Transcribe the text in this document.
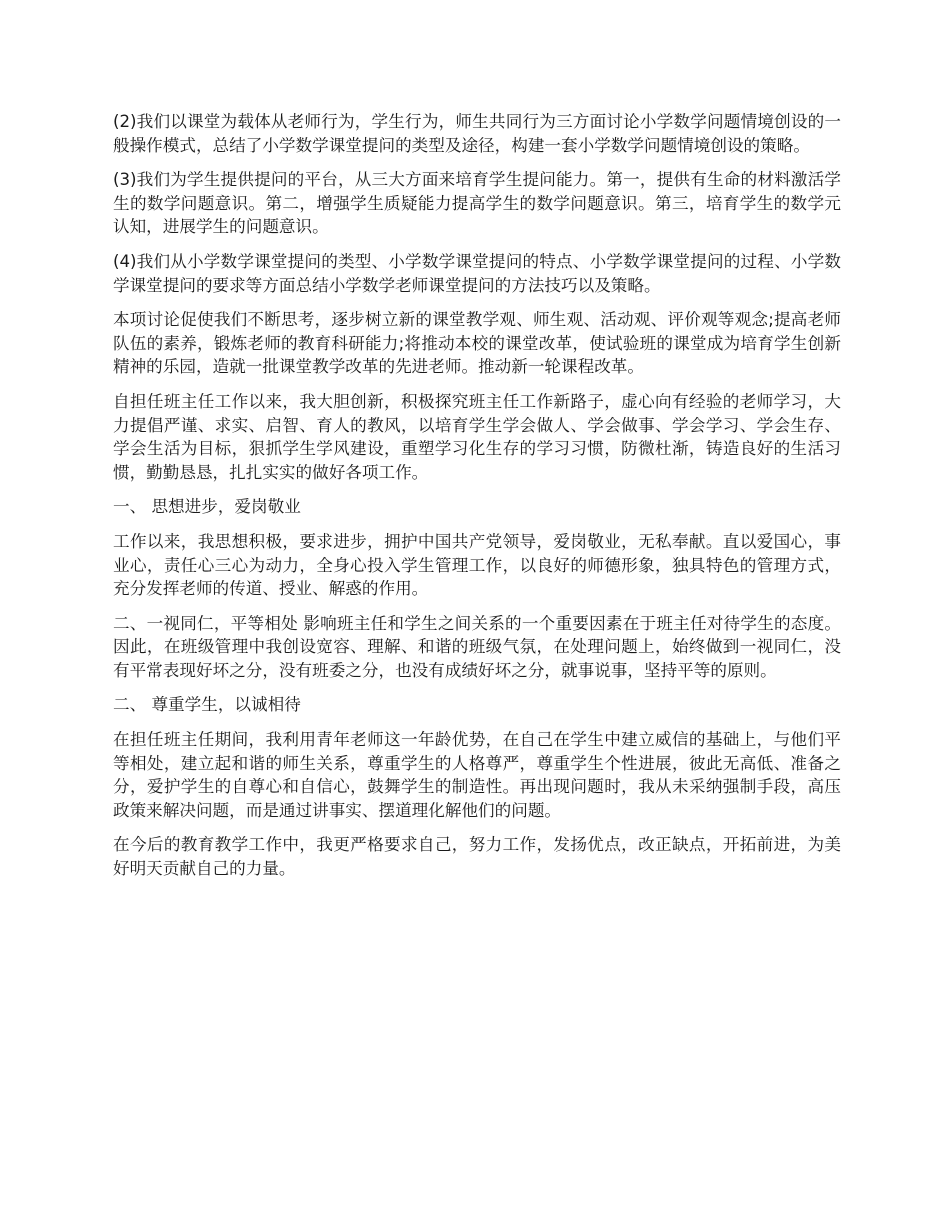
(2)我们以课堂为载体从老师行为，学生行为，师生共同行为三方面讨论小学数学问题情境创设的一般操作模式，总结了小学数学课堂提问的类型及途径，构建一套小学数学问题情境创设的策略。

(3)我们为学生提供提问的平台，从三大方面来培育学生提问能力。第一，提供有生命的材料激活学生的数学问题意识。第二，增强学生质疑能力提高学生的数学问题意识。第三，培育学生的数学元认知，进展学生的问题意识。

(4)我们从小学数学课堂提问的类型、小学数学课堂提问的特点、小学数学课堂提问的过程、小学数学课堂提问的要求等方面总结小学数学老师课堂提问的方法技巧以及策略。

本项讨论促使我们不断思考，逐步树立新的课堂教学观、师生观、活动观、评价观等观念;提高老师队伍的素养，锻炼老师的教育科研能力;将推动本校的课堂改革，使试验班的课堂成为培育学生创新精神的乐园，造就一批课堂教学改革的先进老师。推动新一轮课程改革。

自担任班主任工作以来，我大胆创新，积极探究班主任工作新路子，虚心向有经验的老师学习，大力提倡严谨、求实、启智、育人的教风，以培育学生学会做人、学会做事、学会学习、学会生存、学会生活为目标，狠抓学生学风建设，重塑学习化生存的学习习惯，防微杜渐，铸造良好的生活习惯，勤勤恳恳，扎扎实实的做好各项工作。

一、 思想进步，爱岗敬业

工作以来，我思想积极，要求进步，拥护中国共产党领导，爱岗敬业，无私奉献。直以爱国心，事业心，责任心三心为动力，全身心投入学生管理工作，以良好的师德形象，独具特色的管理方式，充分发挥老师的传道、授业、解惑的作用。

二、一视同仁，平等相处 影响班主任和学生之间关系的一个重要因素在于班主任对待学生的态度。因此，在班级管理中我创设宽容、理解、和谐的班级气氛，在处理问题上，始终做到一视同仁，没有平常表现好坏之分，没有班委之分，也没有成绩好坏之分，就事说事，坚持平等的原则。

二、 尊重学生，以诚相待

在担任班主任期间，我利用青年老师这一年龄优势，在自己在学生中建立威信的基础上，与他们平等相处，建立起和谐的师生关系，尊重学生的人格尊严，尊重学生个性进展，彼此无高低、准备之分，爱护学生的自尊心和自信心，鼓舞学生的制造性。再出现问题时，我从未采纳强制手段，高压政策来解决问题，而是通过讲事实、摆道理化解他们的问题。

在今后的教育教学工作中，我更严格要求自己，努力工作，发扬优点，改正缺点，开拓前进，为美好明天贡献自己的力量。
